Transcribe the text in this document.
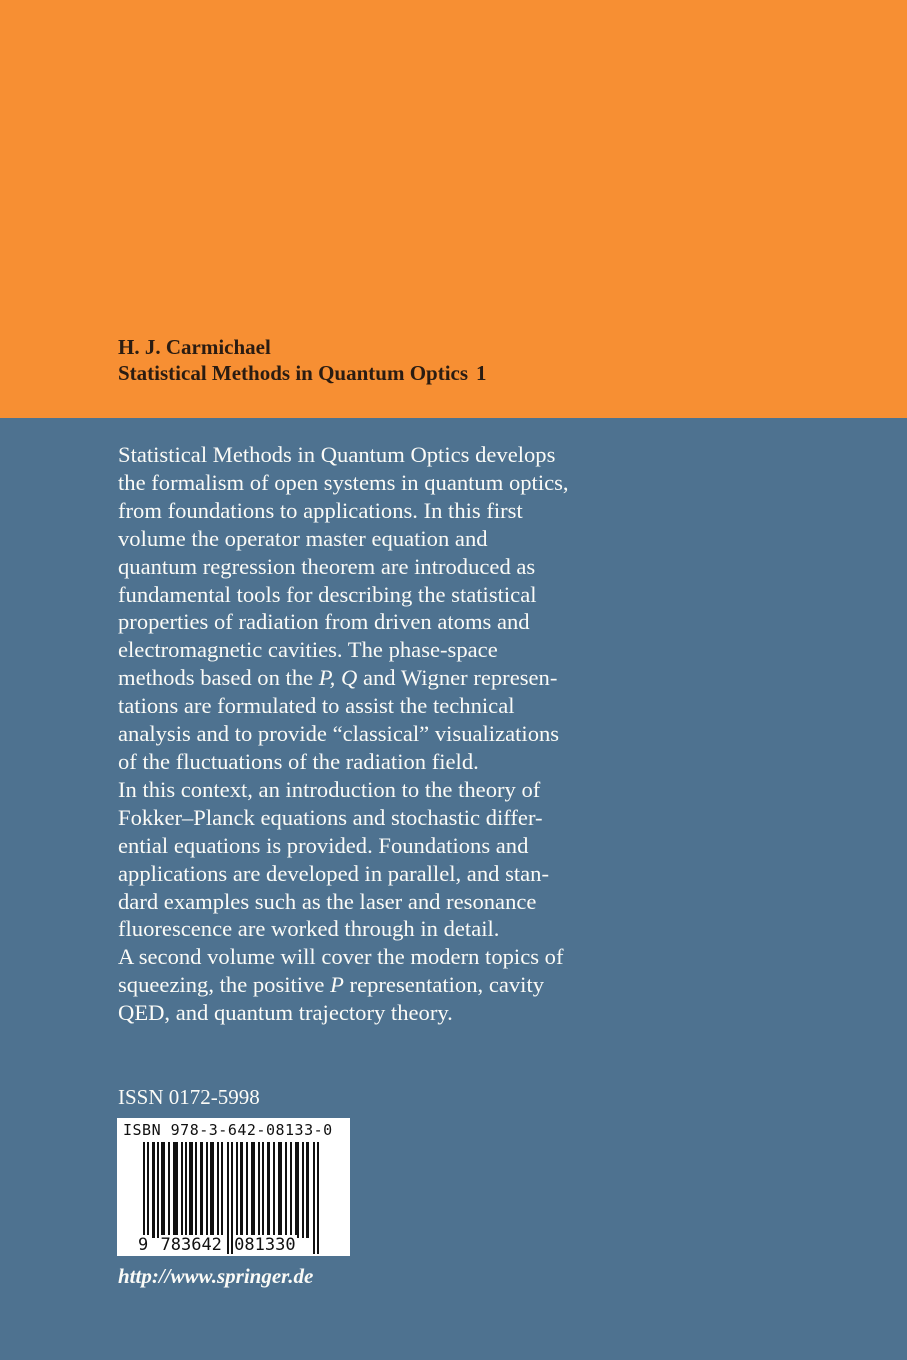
H. J. Carmichael
Statistical Methods in Quantum Optics 1
Statistical Methods in Quantum Optics develops
the formalism of open systems in quantum optics,
from foundations to applications. In this first
volume the operator master equation and
quantum regression theorem are introduced as
fundamental tools for describing the statistical
properties of radiation from driven atoms and
electromagnetic cavities. The phase-space
methods based on the P, Q and Wigner represen-
tations are formulated to assist the technical
analysis and to provide “classical” visualizations
of the fluctuations of the radiation field.
In this context, an introduction to the theory of
Fokker–Planck equations and stochastic differ-
ential equations is provided. Foundations and
applications are developed in parallel, and stan-
dard examples such as the laser and resonance
fluorescence are worked through in detail.
A second volume will cover the modern topics of
squeezing, the positive P representation, cavity
QED, and quantum trajectory theory.
ISSN 0172-5998
ISBN 978-3-642-08133-0
9 783642 081330
http://www.springer.de
